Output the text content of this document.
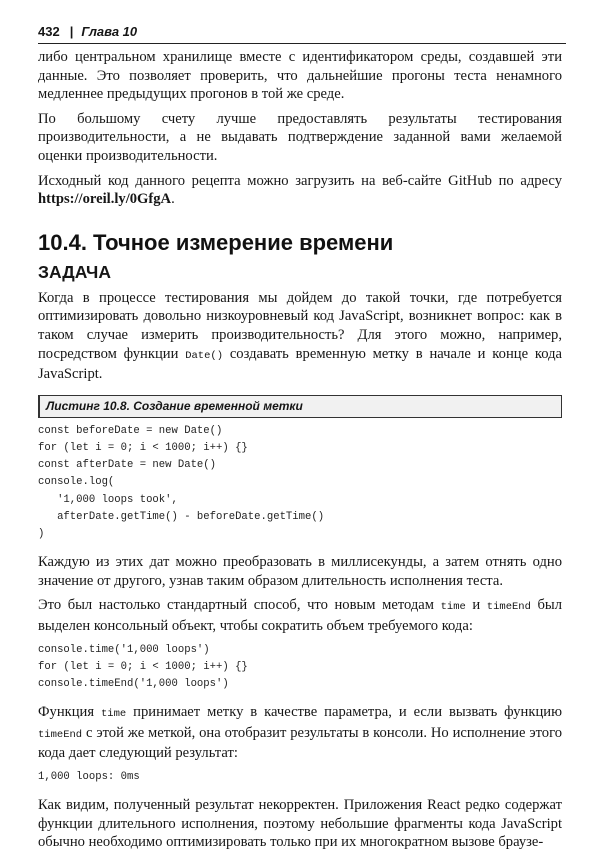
432 | Глава 10

либо центральном хранилище вместе с идентификатором среды, создавшей эти данные. Это позволяет проверить, что дальнейшие прогоны теста ненамного медленнее предыдущих прогонов в той же среде.

По большому счету лучше предоставлять результаты тестирования производительности, а не выдавать подтверждение заданной вами желаемой оценки производительности.

Исходный код данного рецепта можно загрузить на веб-сайте GitHub по адресу https://oreil.ly/0GfgA.

10.4. Точное измерение времени
ЗАДАЧА

Когда в процессе тестирования мы дойдем до такой точки, где потребуется оптимизировать довольно низкоуровневый код JavaScript, возникнет вопрос: как в таком случае измерить производительность? Для этого можно, например, посредством функции Date() создавать временную метку в начале и конце кода JavaScript.

Листинг 10.8. Создание временной метки
const beforeDate = new Date()
for (let i = 0; i < 1000; i++) {}
const afterDate = new Date()
console.log(
'1,000 loops took',
afterDate.getTime() - beforeDate.getTime()
)

Каждую из этих дат можно преобразовать в миллисекунды, а затем отнять одно значение от другого, узнав таким образом длительность исполнения теста.

Это был настолько стандартный способ, что новым методам time и timeEnd был выделен консольный объект, чтобы сократить объем требуемого кода:

console.time('1,000 loops')
for (let i = 0; i < 1000; i++) {}
console.timeEnd('1,000 loops')

Функция time принимает метку в качестве параметра, и если вызвать функцию timeEnd с этой же меткой, она отобразит результаты в консоли. Но исполнение этого кода дает следующий результат:

1,000 loops: 0ms

Как видим, полученный результат некорректен. Приложения React редко содержат функции длительного исполнения, поэтому небольшие фрагменты кода JavaScript обычно необходимо оптимизировать только при их многократном вызове браузе-
